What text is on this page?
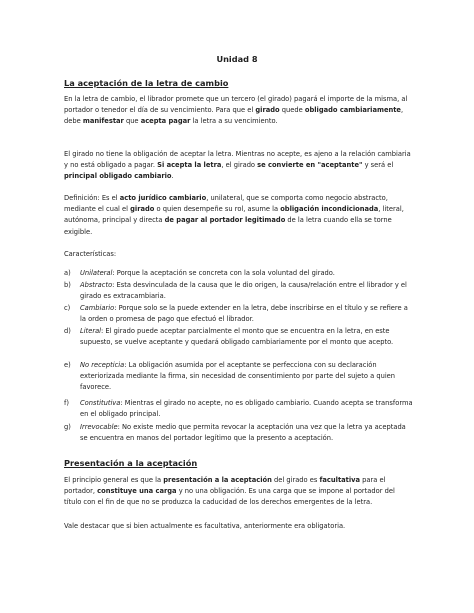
Unidad 8
La aceptación de la letra de cambio
En la letra de cambio, el librador promete que un tercero (el girado) pagará el importe de la misma, al portador o tenedor el día de su vencimiento. Para que el girado quede obligado cambiariamente, debe manifestar que acepta pagar la letra a su vencimiento.
El girado no tiene la obligación de aceptar la letra. Mientras no acepte, es ajeno a la relación cambiaria y no está obligado a pagar. Si acepta la letra, el girado se convierte en "aceptante" y será el principal obligado cambiario.
Definición: Es el acto jurídico cambiario, unilateral, que se comporta como negocio abstracto, mediante el cual el girado o quien desempeñe su rol, asume la obligación incondicionada, literal, autónoma, principal y directa de pagar al portador legitimado de la letra cuando ella se torne exigible.
Características:
a) Unilateral: Porque la aceptación se concreta con la sola voluntad del girado.
b) Abstracto: Esta desvinculada de la causa que le dio origen, la causa/relación entre el librador y el girado es extracambiaria.
c) Cambiario: Porque solo se la puede extender en la letra, debe inscribirse en el título y se refiere a la orden o promesa de pago que efectuó el librador.
d) Literal: El girado puede aceptar parcialmente el monto que se encuentra en la letra, en este supuesto, se vuelve aceptante y quedará obligado cambiariamente por el monto que acepto.
e) No recepticia: La obligación asumida por el aceptante se perfecciona con su declaración exteriorizada mediante la firma, sin necesidad de consentimiento por parte del sujeto a quien favorece.
f) Constitutiva: Mientras el girado no acepte, no es obligado cambiario. Cuando acepta se transforma en el obligado principal.
g) Irrevocable: No existe medio que permita revocar la aceptación una vez que la letra ya aceptada se encuentra en manos del portador legítimo que la presento a aceptación.
Presentación a la aceptación
El principio general es que la presentación a la aceptación del girado es facultativa para el portador, constituye una carga y no una obligación. Es una carga que se impone al portador del título con el fin de que no se produzca la caducidad de los derechos emergentes de la letra.
Vale destacar que si bien actualmente es facultativa, anteriormente era obligatoria.
